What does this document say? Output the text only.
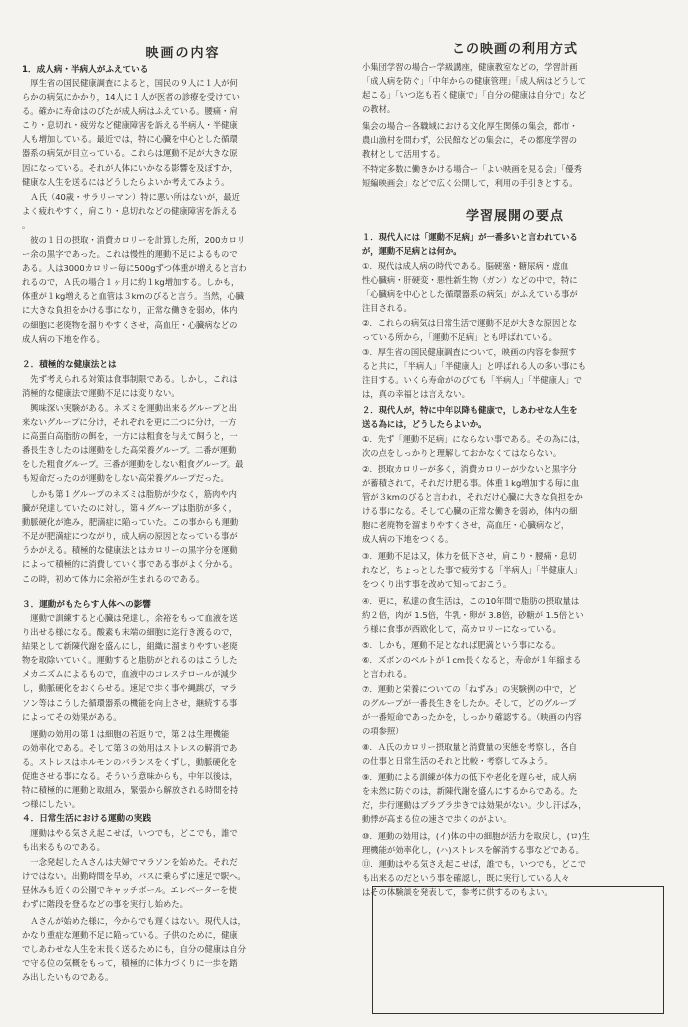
映画の内容
1．成人病・半病人がふえている
　厚生省の国民健康調査によると，国民の９人に１人が何
らかの病気にかかり，14人に１人が医者の診療を受けてい
る。確かに寿命はのびたが成人病はふえている。腰痛・肩
こり・息切れ・疲労など健康障害を訴える半病人・半健康
人も増加している。最近では，特に心臓を中心とした循環
器系の病気が目立っている。これらは運動不足が大きな原
因になっている。それが人体にいかなる影響を及ぼすか，
健康な人生を送るにはどうしたらよいか考えてみよう。
　Ａ氏（40歳・サラリーマン）特に悪い所はないが，最近
よく疲れやすく，肩こり・息切れなどの健康障害を訴える
。
　彼の１日の摂取・消費カロリーを計算した所，200カロリ
ー余の黒字であった。これは慢性的運動不足によるもので
ある。人は3000カロリー毎に500gずつ体重が増えると言わ
れるので，Ａ氏の場合１ヶ月に約１kg増加する。しかも，
体重が１kg増えると血管は３kmのびると言う。当然，心臓
に大きな負担をかける事になり，正常な働きを弱め，体内
の細胞に老廃物を溜りやすくさせ，高血圧・心臓病などの
成人病の下地を作る。
２．積極的な健康法とは
　先ず考えられる対策は食事制限である。しかし，これは
消極的な健康法で運動不足には変りない。
　興味深い実験がある。ネズミを運動出来るグループと出
来ないグループに分け，それぞれを更に二つに分け，一方
に高蛋白高脂肪の餌を，一方には粗食を与えて飼うと，一
番長生きしたのは運動をした高栄養グループ。二番が運動
をした粗食グループ。三番が運動をしない粗食グループ。最
も短命だったのが運動をしない高栄養グループだった。
　しかも第１グループのネズミは脂肪が少なく，筋肉や内
臓が発達していたのに対し，第４グループは脂肪が多く，
動脈硬化が進み，肥満症に陥っていた。この事からも運動
不足が肥満症につながり，成人病の原因となっている事が
うかがえる。積極的な健康法とはカロリーの黒字分を運動
によって積極的に消費していく事である事がよく分かる。
この時，初めて体力に余裕が生まれるのである。
３．運動がもたらす人体への影響
　運動で訓練すると心臓は発達し，余裕をもって血液を送
り出せる様になる。酸素も末端の細胞に迄行き渡るので，
結果として新陳代謝を盛んにし，組織に溜まりやすい老廃
物を取除いていく。運動すると脂肪がとれるのはこうした
メカニズムによるもので，血液中のコレステロールが減少
し，動脈硬化をおくらせる。速足で歩く事や縄跳び，マラ
ソン等はこうした循環器系の機能を向上させ，継続する事
によってその効果がある。
　運動の効用の第１は細胞の若返りで，第２は生理機能
の効率化である。そして第３の効用はストレスの解消であ
る。ストレスはホルモンのバランスをくずし，動脈硬化を
促進させる事になる。そういう意味からも，中年以後は，
特に積極的に運動と取組み，緊張から解放される時間を持
つ様にしたい。
４．日常生活における運動の実践
　運動はやる気さえ起こせば，いつでも，どこでも，誰で
も出来るものである。
　一念発起したＡさんは夫婦でマラソンを始めた。それだ
けではない。出勤時間を早め，バスに乗らずに速足で駅へ。
昼休みも近くの公園でキャッチボール。エレベーターを使
わずに階段を登るなどの事を実行し始めた。
　Ａさんが始めた様に，今からでも遅くはない。現代人は，
かなり重症な運動不足に陥っている。子供のために，健康
でしあわせな人生を末長く送るためにも，自分の健康は自分
で守る位の気概をもって，積極的に体力づくりに一歩を踏
み出したいものである。
この映画の利用方式
小集団学習の場合ー学級講座，健康教室などの，学習計画
「成人病を防ぐ」「中年からの健康管理」「成人病はどうして
起こる」「いつ迄も若く健康で」「自分の健康は自分で」など
の教材。
集会の場合ー各職域における文化厚生関係の集会，都市・
農山漁村を問わず，公民館などの集会に，その都度学習の
教材として活用する。
不特定多数に働きかける場合ー「よい映画を見る会」「優秀
短編映画会」などで広く公開して，利用の手引きとする。
学習展開の要点
１．現代人には「運動不足病」が一番多いと言われている
が，運動不足病とは何か。
①．現代は成人病の時代である。脳硬塞・糖尿病・虚血
性心臓病・肝硬変・悪性新生物（ガン）などの中で，特に
「心臓病を中心とした循環器系の病気」がふえている事が
注目される。
②．これらの病気は日常生活で運動不足が大きな原因とな
っている所から，「運動不足病」とも呼ばれている。
③．厚生省の国民健康調査について，映画の内容を参照す
ると共に，「半病人」「半健康人」と呼ばれる人の多い事にも
注目する。いくら寿命がのびても「半病人」「半健康人」で
は，真の幸福とは言えない。
２．現代人が，特に中年以降も健康で，しあわせな人生を
送る為には，どうしたらよいか。
①．先ず「運動不足病」にならない事である。その為には，
次の点をしっかりと理解しておかなくてはならない。
②．摂取カロリーが多く，消費カロリーが少ないと黒字分
が蓄積されて，それだけ肥る事。体重１kg増加する毎に血
管が３kmのびると言われ，それだけ心臓に大きな負担をか
ける事になる。そして心臓の正常な働きを弱め，体内の細
胞に老廃物を溜まりやすくさせ，高血圧・心臓病など，
成人病の下地をつくる。
③．運動不足は又，体力を低下させ，肩こり・腰痛・息切
れなど，ちょっとした事で疲労する「半病人」「半健康人」
をつくり出す事を改めて知っておこう。
④．更に，私達の食生活は，この10年間で脂肪の摂取量は
約２倍，肉が 1.5倍，牛乳・卵が 3.8倍，砂糖が 1.5倍とい
う様に食事が西欧化して，高カロリーになっている。
⑤．しかも，運動不足となれば肥満という事になる。
⑥．ズボンのベルトが１cm長くなると，寿命が１年縮まる
と言われる。
⑦．運動と栄養についての「ねずみ」の実験例の中で，ど
のグループが一番長生きをしたか。そして，どのグループ
が一番短命であったかを，しっかり確認する。（映画の内容
の項参照）
⑧．Ａ氏のカロリー摂取量と消費量の実態を考察し，各自
の仕事と日常生活のそれと比較・考察してみよう。
⑨．運動による訓練が体力の低下や老化を遅らせ，成人病
を未然に防ぐのは，新陳代謝を盛んにするからである。た
だ，歩行運動はブラブラ歩きでは効果がない。少し汗ばみ，
動悸が高まる位の速さで歩くのがよい。
⑩．運動の効用は，(イ)体の中の細胞が活力を取戻し，(ロ)生
理機能が効率化し，(ハ)ストレスを解消する事などである。
⑪．運動はやる気さえ起こせば，誰でも，いつでも，どこで
も出来るのだという事を確認し，既に実行している人々
はその体験談を発表して，参考に供するのもよい。
